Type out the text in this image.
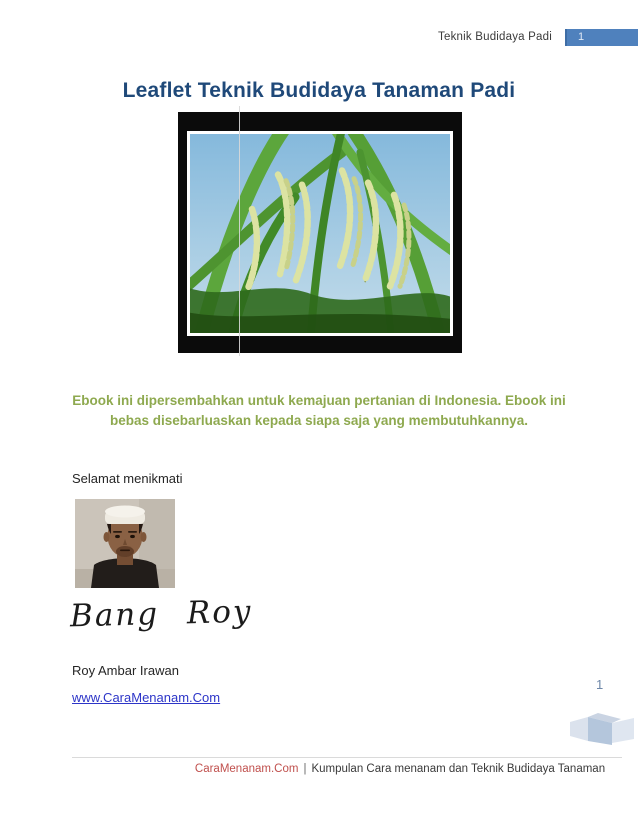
Teknik Budidaya Padi	1
Leaflet Teknik Budidaya Tanaman Padi

Ebook ini dipersembahkan untuk kemajuan pertanian di Indonesia. Ebook ini bebas disebarluaskan kepada siapa saja yang membutuhkannya.

Selamat menikmati

Bang Roy

Roy Ambar Irawan

www.CaraMenanam.Com
1
CaraMenanam.Com | Kumpulan Cara menanam dan Teknik Budidaya Tanaman
